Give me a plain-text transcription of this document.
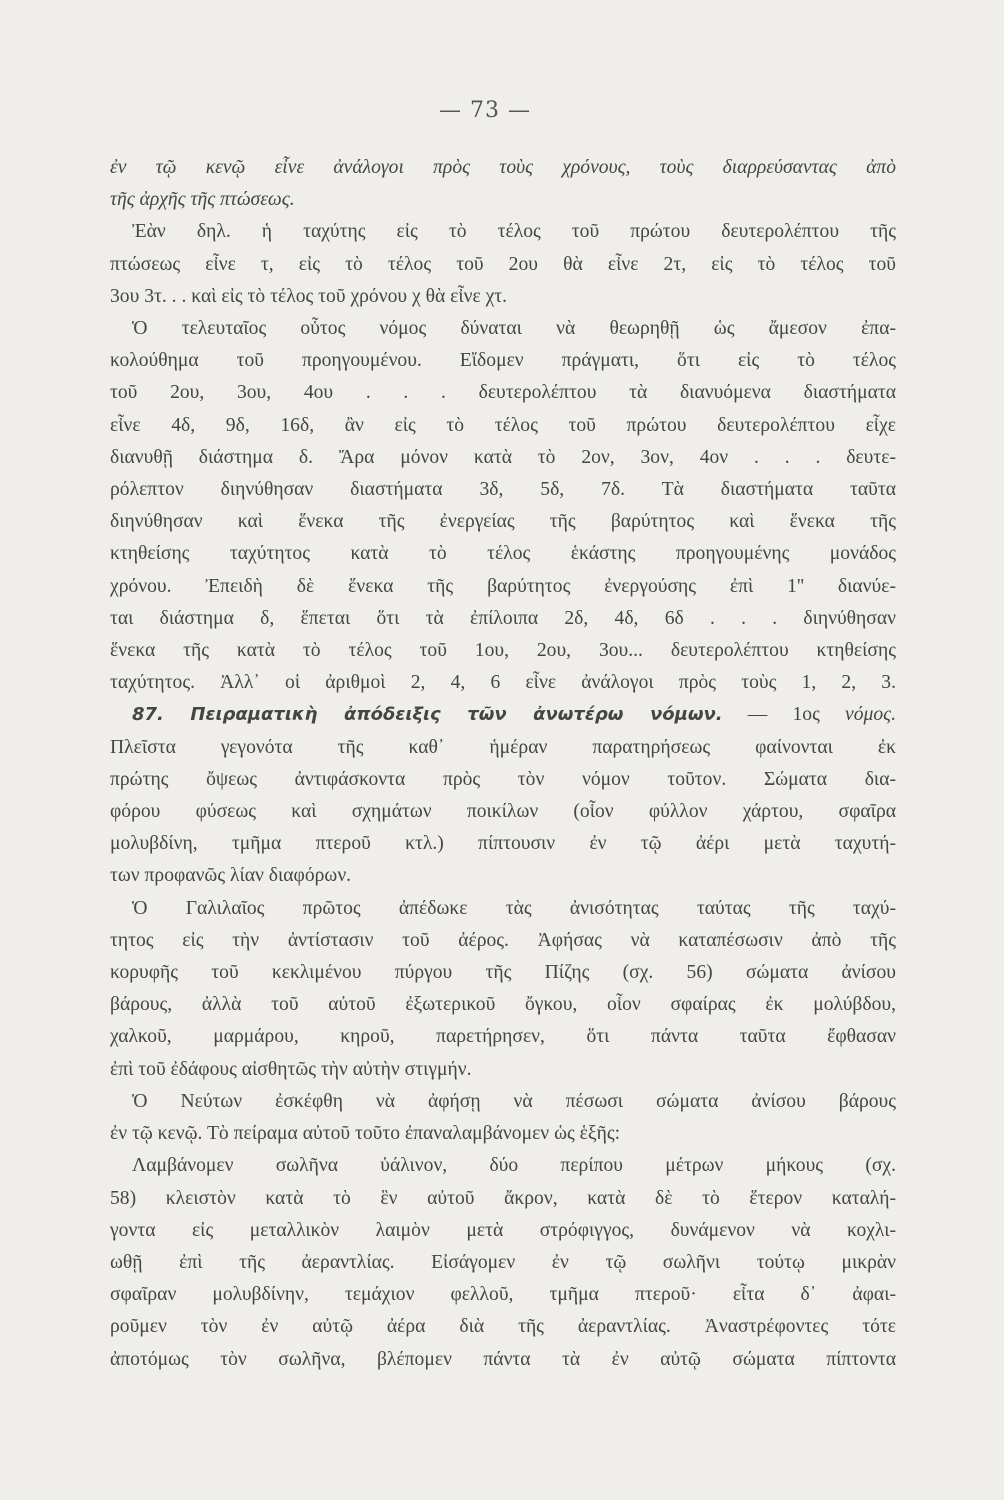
— 73 —
ἐν τῷ κενῷ εἶνε ἀνάλογοι πρὸς τοὺς χρόνους, τοὺς διαρρεύσαντας ἀπὸ
τῆς ἀρχῆς τῆς πτώσεως.
Ἐὰν δηλ. ἡ ταχύτης εἰς τὸ τέλος τοῦ πρώτου δευτερολέπτου τῆς
πτώσεως εἶνε τ, εἰς τὸ τέλος τοῦ 2ου θὰ εἶνε 2τ, εἰς τὸ τέλος τοῦ
3ου 3τ. . . καὶ εἰς τὸ τέλος τοῦ χρόνου χ θὰ εἶνε χτ.
Ὁ τελευταῖος οὗτος νόμος δύναται νὰ θεωρηθῇ ὡς ἄμεσον ἐπα-
κολούθημα τοῦ προηγουμένου. Εἴδομεν πράγματι, ὅτι εἰς τὸ τέλος
τοῦ 2ου, 3ου, 4ου . . . δευτερολέπτου τὰ διανυόμενα διαστήματα
εἶνε 4δ, 9δ, 16δ, ἂν εἰς τὸ τέλος τοῦ πρώτου δευτερολέπτου εἶχε
διανυθῇ διάστημα δ. Ἄρα μόνον κατὰ τὸ 2ον, 3ον, 4ον . . . δευτε-
ρόλεπτον διηνύθησαν διαστήματα 3δ, 5δ, 7δ. Τὰ διαστήματα ταῦτα
διηνύθησαν καὶ ἕνεκα τῆς ἐνεργείας τῆς βαρύτητος καὶ ἕνεκα τῆς
κτηθείσης ταχύτητος κατὰ τὸ τέλος ἑκάστης προηγουμένης μονάδος
χρόνου. Ἐπειδὴ δὲ ἕνεκα τῆς βαρύτητος ἐνεργούσης ἐπὶ 1'' διανύε-
ται διάστημα δ, ἕπεται ὅτι τὰ ἐπίλοιπα 2δ, 4δ, 6δ . . . διηνύθησαν
ἕνεκα τῆς κατὰ τὸ τέλος τοῦ 1ου, 2ου, 3ου... δευτερολέπτου κτηθείσης
ταχύτητος. Ἀλλ᾽ οἱ ἀριθμοὶ 2, 4, 6 εἶνε ἀνάλογοι πρὸς τοὺς 1, 2, 3.
87. Πειραματικὴ ἀπόδειξις τῶν ἀνωτέρω νόμων. — 1ος νόμος.
Πλεῖστα γεγονότα τῆς καθ᾽ ἡμέραν παρατηρήσεως φαίνονται ἐκ
πρώτης ὄψεως ἀντιφάσκοντα πρὸς τὸν νόμον τοῦτον. Σώματα δια-
φόρου φύσεως καὶ σχημάτων ποικίλων (οἷον φύλλον χάρτου, σφαῖρα
μολυβδίνη, τμῆμα πτεροῦ κτλ.) πίπτουσιν ἐν τῷ ἀέρι μετὰ ταχυτή-
των προφανῶς λίαν διαφόρων.
Ὁ Γαλιλαῖος πρῶτος ἀπέδωκε τὰς ἀνισότητας ταύτας τῆς ταχύ-
τητος εἰς τὴν ἀντίστασιν τοῦ ἀέρος. Ἀφήσας νὰ καταπέσωσιν ἀπὸ τῆς
κορυφῆς τοῦ κεκλιμένου πύργου τῆς Πίζης (σχ. 56) σώματα ἀνίσου
βάρους, ἀλλὰ τοῦ αὐτοῦ ἐξωτερικοῦ ὄγκου, οἷον σφαίρας ἐκ μολύβδου,
χαλκοῦ, μαρμάρου, κηροῦ, παρετήρησεν, ὅτι πάντα ταῦτα ἔφθασαν
ἐπὶ τοῦ ἐδάφους αἰσθητῶς τὴν αὐτὴν στιγμήν.
Ὁ Νεύτων ἐσκέφθη νὰ ἀφήσῃ νὰ πέσωσι σώματα ἀνίσου βάρους
ἐν τῷ κενῷ. Τὸ πείραμα αὐτοῦ τοῦτο ἐπαναλαμβάνομεν ὡς ἑξῆς:
Λαμβάνομεν σωλῆνα ὑάλινον, δύο περίπου μέτρων μήκους (σχ.
58) κλειστὸν κατὰ τὸ ἓν αὐτοῦ ἄκρον, κατὰ δὲ τὸ ἕτερον καταλή-
γοντα εἰς μεταλλικὸν λαιμὸν μετὰ στρόφιγγος, δυνάμενον νὰ κοχλι-
ωθῇ ἐπὶ τῆς ἀεραντλίας. Εἰσάγομεν ἐν τῷ σωλῆνι τούτῳ μικρὰν
σφαῖραν μολυβδίνην, τεμάχιον φελλοῦ, τμῆμα πτεροῦ· εἶτα δ᾽ ἀφαι-
ροῦμεν τὸν ἐν αὐτῷ ἀέρα διὰ τῆς ἀεραντλίας. Ἀναστρέφοντες τότε
ἀποτόμως τὸν σωλῆνα, βλέπομεν πάντα τὰ ἐν αὐτῷ σώματα πίπτοντα
